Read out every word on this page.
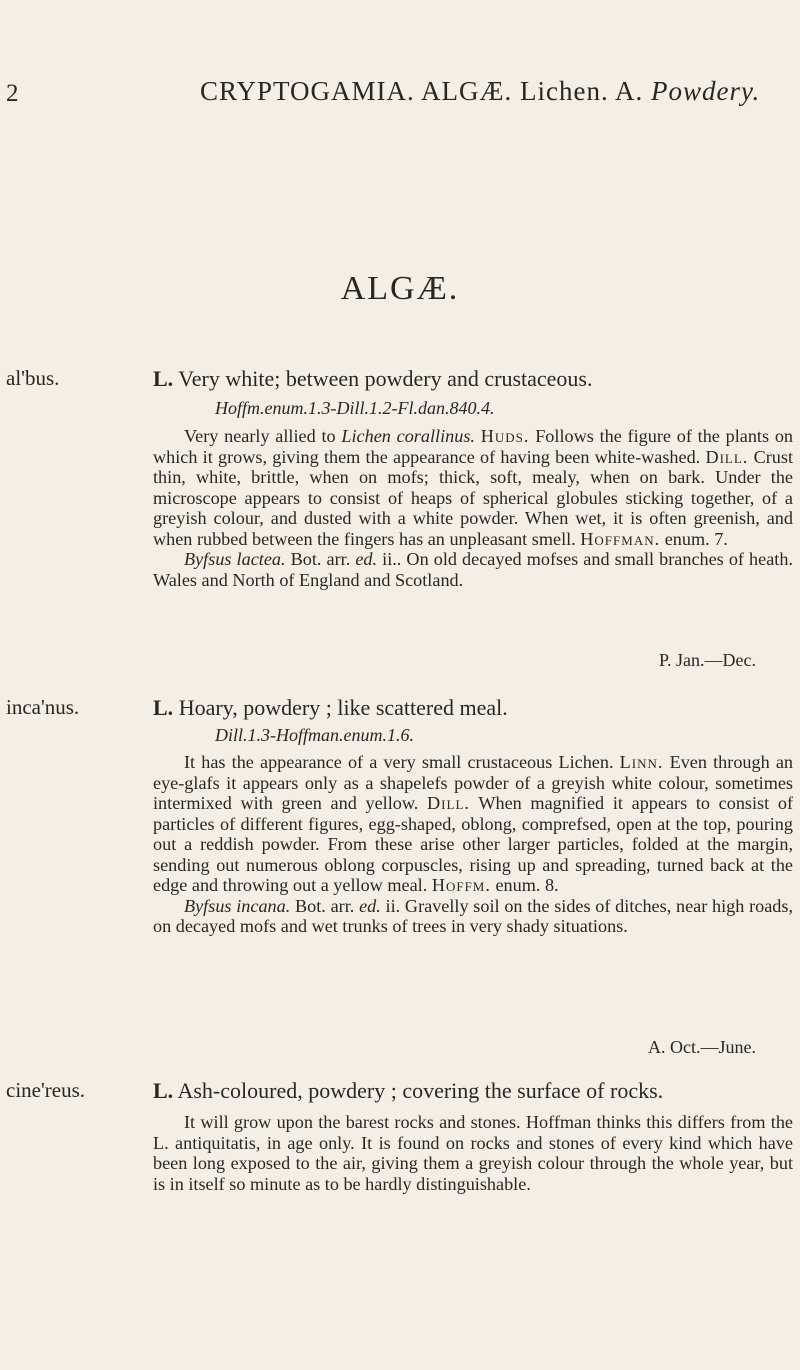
2	CRYPTOGAMIA. ALGÆ. Lichen. A. Powdery.
ALGÆ.
al'bus.	L. Very white; between powdery and crustaceous.
Hoffm.enum.1.3-Dill.1.2-Fl.dan.840.4.

Very nearly allied to Lichen corallinus. Huds. Follows the figure of the plants on which it grows, giving them the appearance of having been white-washed. Dill. Crust thin, white, brittle, when on mofs; thick, soft, mealy, when on bark. Under the microscope appears to consist of heaps of spherical globules sticking together, of a greyish colour, and dusted with a white powder. When wet, it is often greenish, and when rubbed between the fingers has an unpleasant smell. Hoffman. enum. 7.

Byfsus lactea. Bot. arr. ed. ii.. On old decayed mofses and small branches of heath. Wales and North of England and Scotland.

P. Jan.—Dec.
inca'nus.	L. Hoary, powdery ; like scattered meal.
Dill.1.3-Hoffman.enum.1.6.

It has the appearance of a very small crustaceous Lichen. Linn. Even through an eye-glafs it appears only as a shapelefs powder of a greyish white colour, sometimes intermixed with green and yellow. Dill. When magnified it appears to consist of particles of different figures, egg-shaped, oblong, comprefsed, open at the top, pouring out a reddish powder. From these arise other larger particles, folded at the margin, sending out numerous oblong corpuscles, rising up and spreading, turned back at the edge and throwing out a yellow meal. Hoffm. enum. 8.

Byfsus incana. Bot. arr. ed. ii. Gravelly soil on the sides of ditches, near high roads, on decayed mofs and wet trunks of trees in very shady situations.

A. Oct.—June.
cine'reus.	L. Ash-coloured, powdery ; covering the surface of rocks.

It will grow upon the barest rocks and stones. Hoffman thinks this differs from the L. antiquitatis, in age only. It is found on rocks and stones of every kind which have been long exposed to the air, giving them a greyish colour through the whole year, but is in itself so minute as to be hardly distinguishable.
